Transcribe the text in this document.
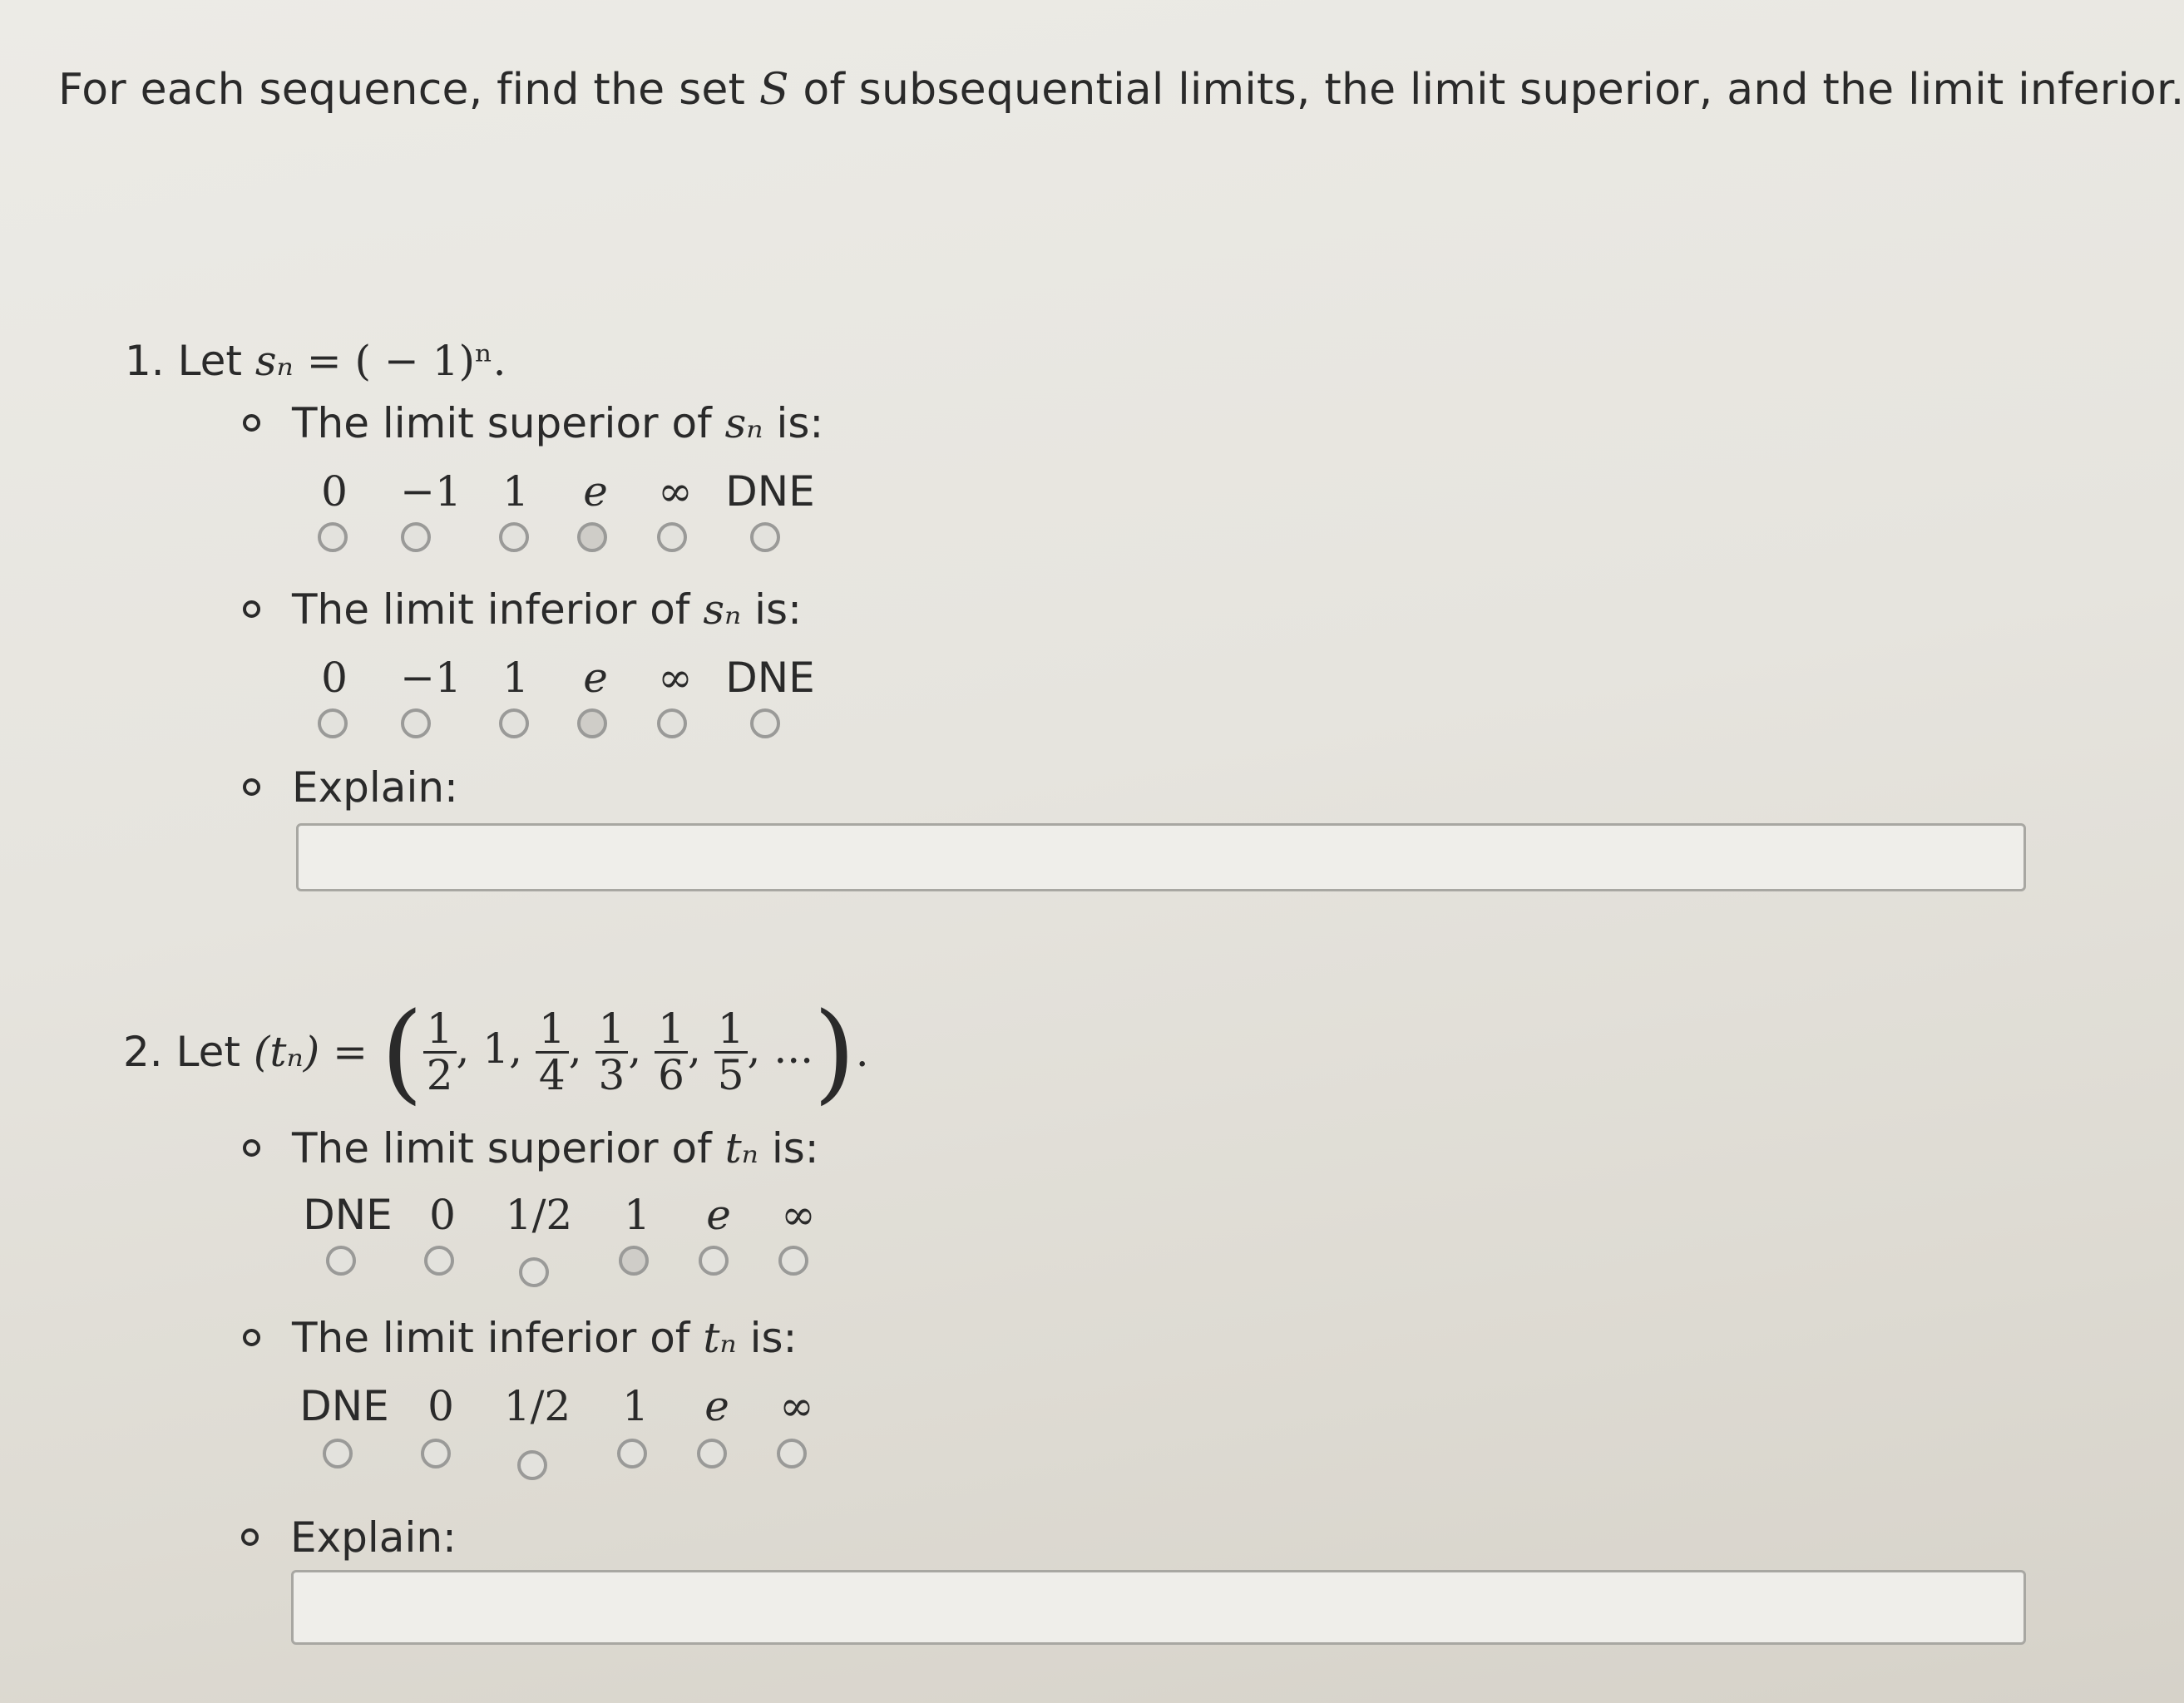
For each sequence, find the set S of subsequential limits, the limit superior, and the limit inferior.
1. Let sₙ = ( − 1)ⁿ.
The limit superior of sₙ is:
0 −1 1 e ∞ DNE
The limit inferior of sₙ is:
0 −1 1 e ∞ DNE
Explain:
2.
Let
(tₙ)
=
( $\frac{1}{2}$ , 1, $\frac{1}{4}$ , $\frac{1}{3}$ , $\frac{1}{6}$ , $\frac{1}{5}$ , ... ) .
The limit superior of tₙ is:
DNE 0 1/2 1 e ∞
The limit inferior of tₙ is:
DNE 0 1/2 1 e ∞
Explain:
